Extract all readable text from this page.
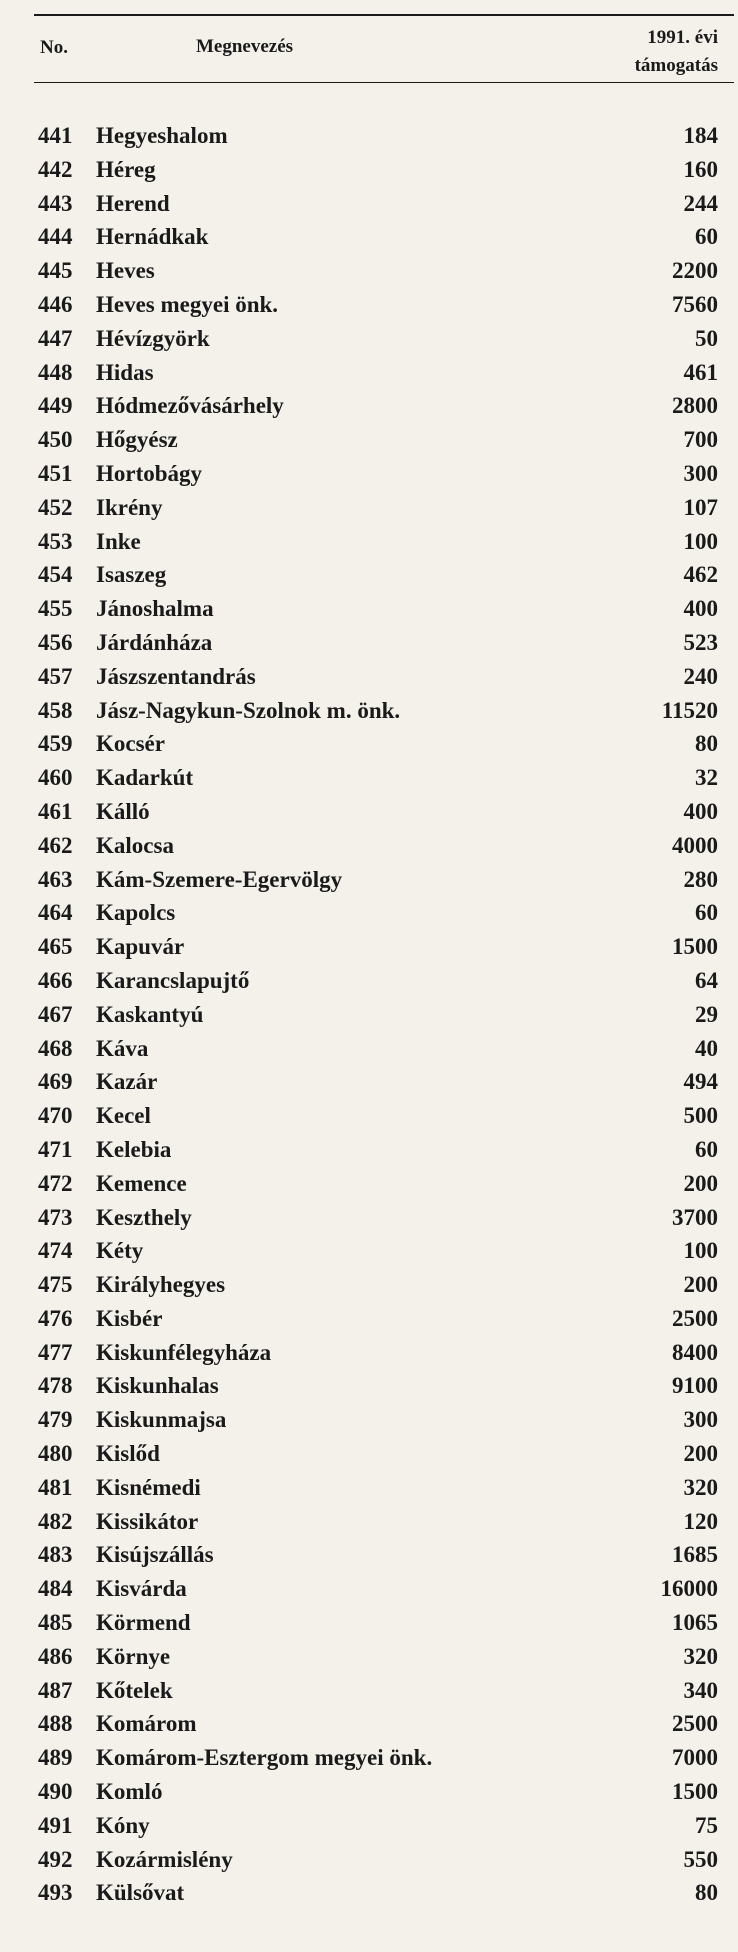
No.	Megnevezés	1991. évi
támogatás
441	Hegyeshalom	184
442	Héreg	160
443	Herend	244
444	Hernádkak	60
445	Heves	2200
446	Heves megyei önk.	7560
447	Hévízgyörk	50
448	Hidas	461
449	Hódmezővásárhely	2800
450	Hőgyész	700
451	Hortobágy	300
452	Ikrény	107
453	Inke	100
454	Isaszeg	462
455	Jánoshalma	400
456	Járdánháza	523
457	Jászszentandrás	240
458	Jász-Nagykun-Szolnok m. önk.	11520
459	Kocsér	80
460	Kadarkút	32
461	Kálló	400
462	Kalocsa	4000
463	Kám-Szemere-Egervölgy	280
464	Kapolcs	60
465	Kapuvár	1500
466	Karancslapujtő	64
467	Kaskantyú	29
468	Káva	40
469	Kazár	494
470	Kecel	500
471	Kelebia	60
472	Kemence	200
473	Keszthely	3700
474	Kéty	100
475	Királyhegyes	200
476	Kisbér	2500
477	Kiskunfélegyháza	8400
478	Kiskunhalas	9100
479	Kiskunmajsa	300
480	Kislőd	200
481	Kisnémedi	320
482	Kissikátor	120
483	Kisújszállás	1685
484	Kisvárda	16000
485	Körmend	1065
486	Környe	320
487	Kőtelek	340
488	Komárom	2500
489	Komárom-Esztergom megyei önk.	7000
490	Komló	1500
491	Kóny	75
492	Kozármislény	550
493	Külsővat	80
